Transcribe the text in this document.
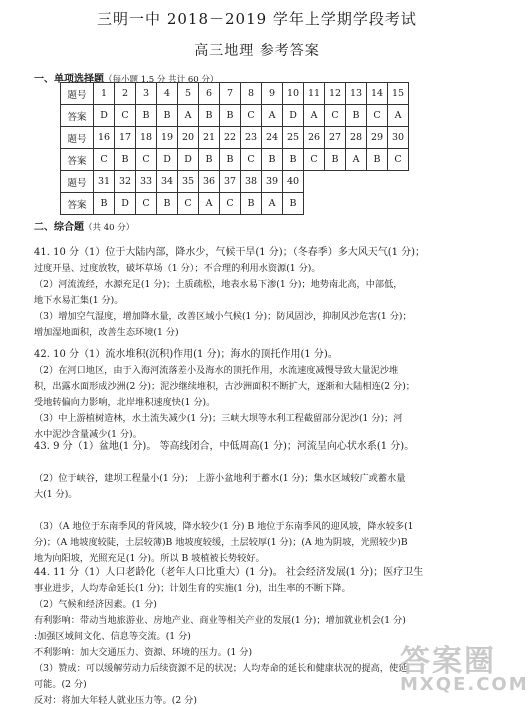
三明一中 2018－2019 学年上学期学段考试
高三地理 参考答案
一、单项选择题（每小题 1.5 分 共计 60 分）
题号	1	2	3	4	5	6	7	8	9	10	11	12	13	14	15
答案	D	C	B	B	A	B	B	C	A	D	A	C	B	C	A
题号	16	17	18	19	20	21	22	23	24	25	26	27	28	29	30
答案	C	B	C	D	D	B	B	C	B	B	C	B	A	B	C
题号	31	32	33	34	35	36	37	38	39	40					
答案	B	D	C	B	C	A	C	B	A	B					
二、综合题（共 40 分）

41. 10 分（1）位于大陆内部，降水少，气候干旱(1 分)；（冬春季）多大风天气(1 分)；

过度开垦、过度放牧，破坏草场（1 分）；不合理的利用水资源(1 分)。

（2）河流流经，水源充足(1 分)；土质疏松，地表水易下渗(1 分)；地势南北高，中部低，

地下水易汇集(1 分)。

（3）增加空气湿度，增加降水量，改善区域小气候(1 分)；防风固沙，抑制风沙危害(1 分)；

增加湿地面积，改善生态环境(1 分)

42. 10 分（1）流水堆积(沉积)作用(1 分)；海水的顶托作用(1 分)。

（2）在河口地区，由于入海河流落差小及海水的顶托作用，水流速度减慢导致大量泥沙堆

积，出露水面形成沙洲(2 分)；泥沙继续堆积，古沙洲面积不断扩大，逐渐和大陆相连(2 分)；

受地转偏向力影响，北岸堆积速度快(1 分)。

（3）中上游植树造林，水土流失减少(1 分)；三峡大坝等水利工程截留部分泥沙(1 分)；河

水中泥沙含量减少(1 分)。

43. 9 分（1）盆地(1 分)。 等高线闭合，中低周高(1 分)；河流呈向心状水系(1 分)。

（2）位于峡谷，建坝工程量小(1 分)； 上游小盆地利于蓄水(1 分)；集水区域较广或蓄水量

大(1 分)。

（3）（A 地位于东南季风的背风坡，降水较少(1 分) B 地位于东南季风的迎风坡，降水较多(1

分)；（A 地坡度较陡，土层较薄)B 地坡度较缓，土层较厚(1 分)；(A 地为阴坡，光照较少)B

地为向阳坡，光照充足(1 分)。所以 B 坡植被长势较好。

44. 11 分（1）人口老龄化（老年人口比重大）(1 分)。 社会经济发展(1 分)；医疗卫生

事业进步，人均寿命延长(1 分)；计划生育的实施(1 分)，出生率的不断下降。

（2）气候和经济因素。(1 分)

有利影响：带动当地旅游业、房地产业、商业等相关产业的发展(1 分)；增加就业机会(1 分)

:加强区域间文化、信息等交流。(1 分)

不利影响：加大交通压力、资源、环境的压力。(1 分)

（3）赞成：可以缓解劳动力后续资源不足的状况；人均寿命的延长和健康状况的提高，使延

可能。(2 分)

反对：将加大年轻人就业压力等。(2 分)

答案圈
MXQE.COM
